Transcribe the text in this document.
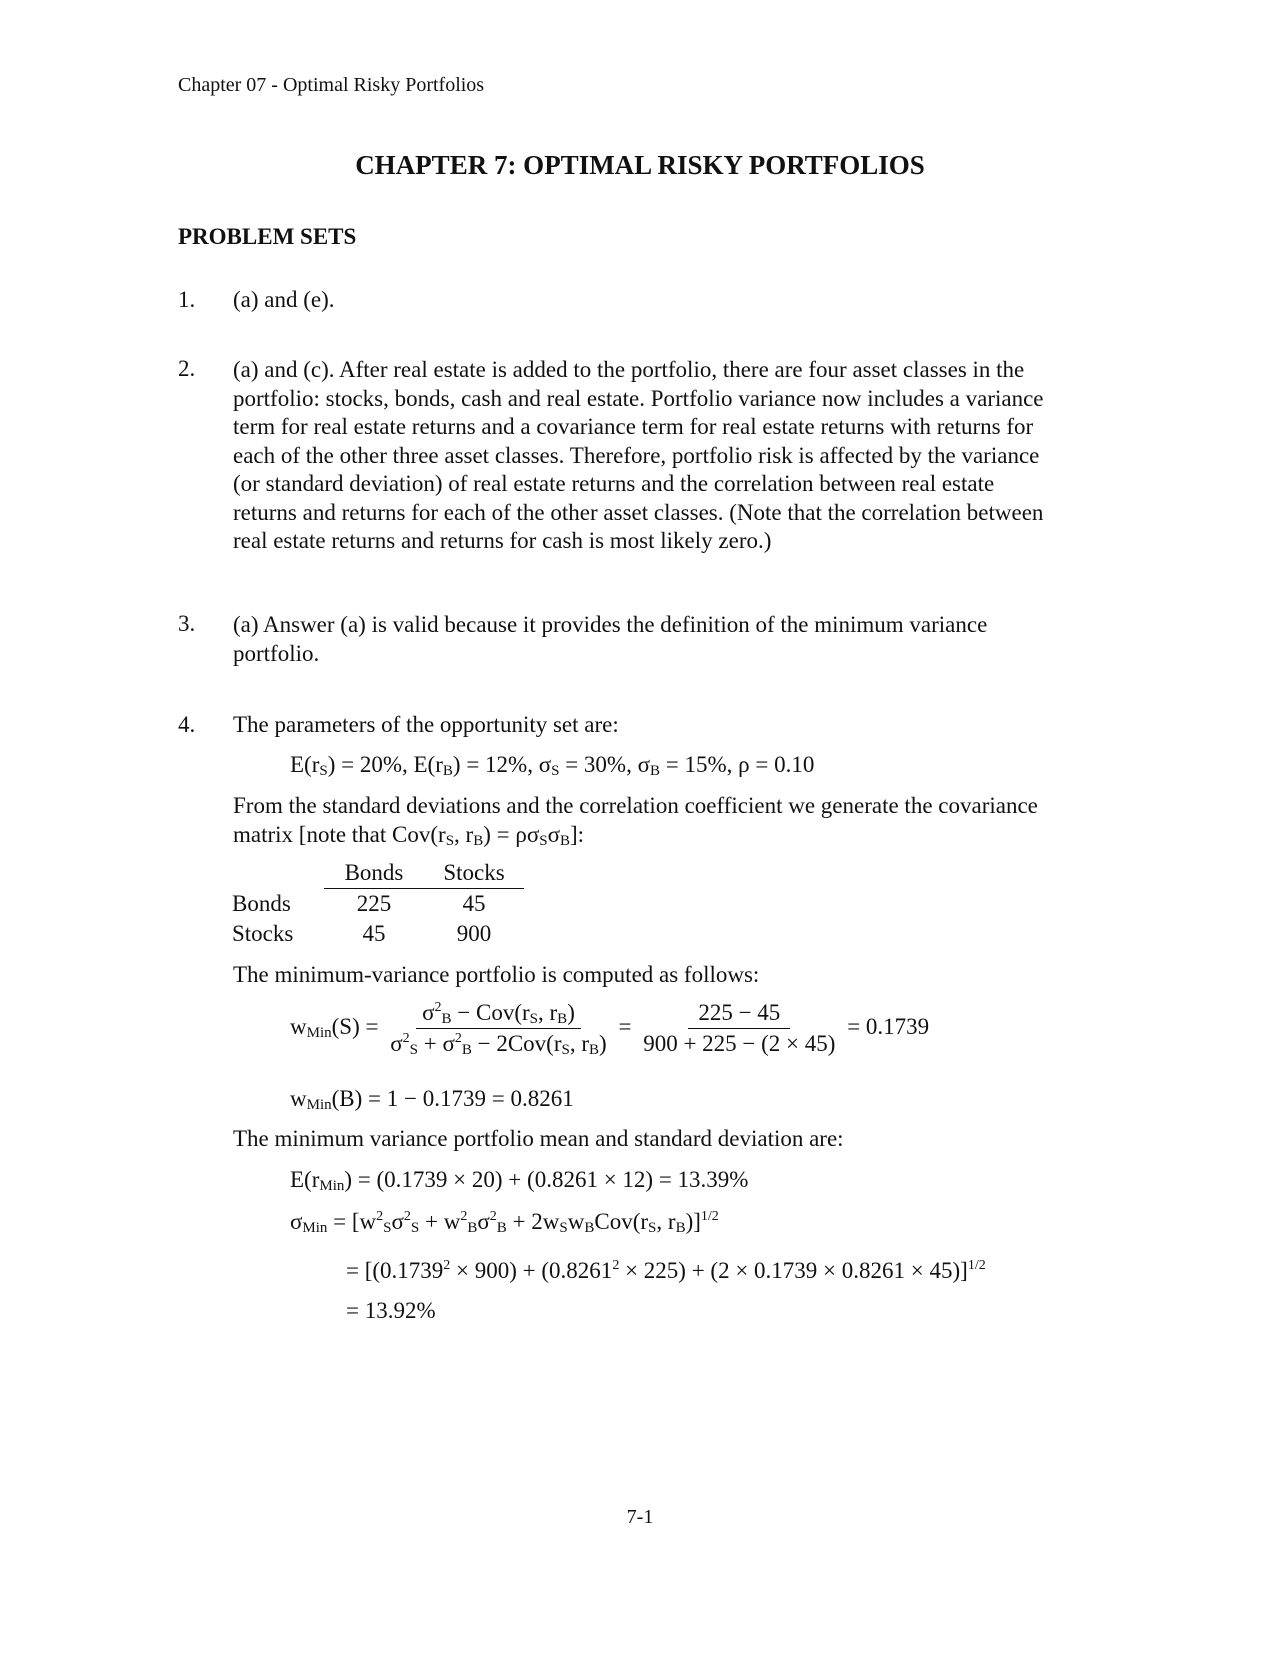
Chapter 07 - Optimal Risky Portfolios
CHAPTER 7: OPTIMAL RISKY PORTFOLIOS
PROBLEM SETS
1. (a) and (e).
2. (a) and (c). After real estate is added to the portfolio, there are four asset classes in the

portfolio: stocks, bonds, cash and real estate. Portfolio variance now includes a variance

term for real estate returns and a covariance term for real estate returns with returns for

each of the other three asset classes. Therefore, portfolio risk is affected by the variance

(or standard deviation) of real estate returns and the correlation between real estate

returns and returns for each of the other asset classes. (Note that the correlation between

real estate returns and returns for cash is most likely zero.)

3. (a) Answer (a) is valid because it provides the definition of the minimum variance

portfolio.

4. The parameters of the opportunity set are:
$E(r_S) = 20\%$, $E(r_B) = 12\%$, $\sigma_S = 30\%$, $\sigma_B = 15\%$, ρ = 0.10

From the standard deviations and the correlation coefficient we generate the covariance

matrix [note that $Cov(r_S$, $r_B) = \rho\sigma_S\sigma_B$]:

	Bonds	Stocks
Bonds	225	45
Stocks	45	900
The minimum-variance portfolio is computed as follows:
$w_{Min}(S) = \frac{\sigma^2_B - Cov(r_S, r_B)}{\sigma^2_S + \sigma^2_B - 2Cov(r_S, r_B)} = \frac{225 - 45}{900 + 225 - (2 \times 45)} = 0.1739$
$w_{Min}(B) = 1 - 0.1739 = 0.8261$
The minimum variance portfolio mean and standard deviation are:
$E(r_{Min}) = (0.1739 \times 20) + (0.8261 \times 12) = 13.39\%$
$\sigma_{Min} = [w^2_S\sigma^2_S + w^2_B\sigma^2_B + 2w_Sw_BCov(r_S$, $r_B)]^{1/2}$
= $[(0.1739^2 \times 900) + (0.8261^2 \times 225) + (2 \times 0.1739 \times 0.8261 \times 45)]^{1/2}$
= 13.92%
7-1
